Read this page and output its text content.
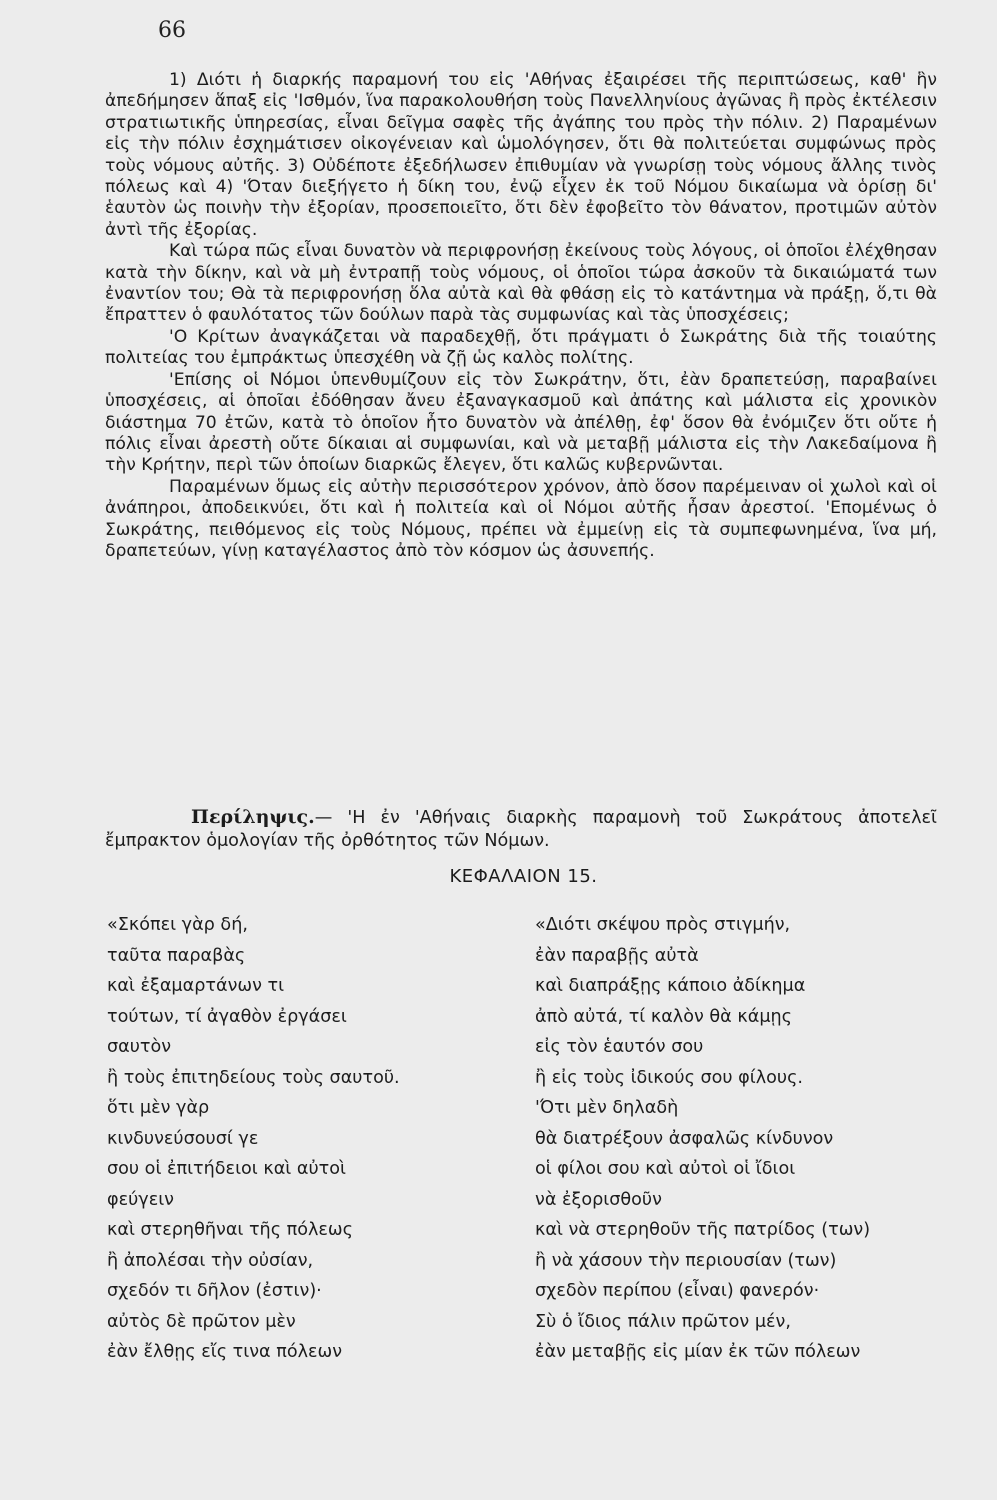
66

1) Διότι ἡ διαρκής παραμονή του εἰς 'Αθήνας ἐξαιρέσει τῆς περιπτώσεως, καθ' ἣν ἀπεδήμησεν ἅπαξ εἰς 'Ισθμόν, ἵνα παρακολουθήση τοὺς Πανελληνίους ἀγῶνας ἢ πρὸς ἐκτέλεσιν στρατιωτικῆς ὑπηρεσίας, εἶναι δεῖγμα σαφὲς τῆς ἀγάπης του πρὸς τὴν πόλιν. 2) Παραμένων εἰς τὴν πόλιν ἐσχημάτισεν οἰκογένειαν καὶ ὡμολόγησεν, ὅτι θὰ πολιτεύεται συμφώνως πρὸς τοὺς νόμους αὐτῆς. 3) Οὐδέποτε ἐξεδήλωσεν ἐπιθυμίαν νὰ γνωρίσῃ τοὺς νόμους ἄλλης τινὸς πόλεως καὶ 4) 'Όταν διεξήγετο ἡ δίκη του, ἐνῷ εἶχεν ἐκ τοῦ Νόμου δικαίωμα νὰ ὁρίσῃ δι' ἑαυτὸν ὡς ποινὴν τὴν ἐξορίαν, προσεποιεῖτο, ὅτι δὲν ἐφοβεῖτο τὸν θάνατον, προτιμῶν αὐτὸν ἀντὶ τῆς ἐξορίας.

Καὶ τώρα πῶς εἶναι δυνατὸν νὰ περιφρονήσῃ ἐκείνους τοὺς λόγους, οἱ ὁποῖοι ἐλέχθησαν κατὰ τὴν δίκην, καὶ νὰ μὴ ἐντραπῇ τοὺς νόμους, οἱ ὁποῖοι τώρα ἀσκοῦν τὰ δικαιώματά των ἐναντίον του; Θὰ τὰ περιφρονήσῃ ὅλα αὐτὰ καὶ θὰ φθάσῃ εἰς τὸ κατάντημα νὰ πράξῃ, ὅ,τι θὰ ἔπραττεν ὁ φαυλότατος τῶν δούλων παρὰ τὰς συμφωνίας καὶ τὰς ὑποσχέσεις;

'Ο Κρίτων ἀναγκάζεται νὰ παραδεχθῇ, ὅτι πράγματι ὁ Σωκράτης διὰ τῆς τοιαύτης πολιτείας του ἐμπράκτως ὑπεσχέθη νὰ ζῇ ὡς καλὸς πολίτης.

'Επίσης οἱ Νόμοι ὑπενθυμίζουν εἰς τὸν Σωκράτην, ὅτι, ἐὰν δραπετεύσῃ, παραβαίνει ὑποσχέσεις, αἱ ὁποῖαι ἐδόθησαν ἄνευ ἐξαναγκασμοῦ καὶ ἀπάτης καὶ μάλιστα εἰς χρονικὸν διάστημα 70 ἐτῶν, κατὰ τὸ ὁποῖον ἦτο δυνατὸν νὰ ἀπέλθῃ, ἐφ' ὅσον θὰ ἐνόμιζεν ὅτι οὔτε ἡ πόλις εἶναι ἀρεστὴ οὔτε δίκαιαι αἱ συμφωνίαι, καὶ νὰ μεταβῇ μάλιστα εἰς τὴν Λακεδαίμονα ἢ τὴν Κρήτην, περὶ τῶν ὁποίων διαρκῶς ἔλεγεν, ὅτι καλῶς κυβερνῶνται.

Παραμένων ὅμως εἰς αὐτὴν περισσότερον χρόνον, ἀπὸ ὅσον παρέμειναν οἱ χωλοὶ καὶ οἱ ἀνάπηροι, ἀποδεικνύει, ὅτι καὶ ἡ πολιτεία καὶ οἱ Νόμοι αὐτῆς ἦσαν ἀρεστοί. 'Επομένως ὁ Σωκράτης, πειθόμενος εἰς τοὺς Νόμους, πρέπει νὰ ἐμμείνῃ εἰς τὰ συμπεφωνημένα, ἵνα μή, δραπετεύων, γίνῃ καταγέλαστος ἀπὸ τὸν κόσμον ὡς ἀσυνεπής.

Περίληψις.— 'Η ἐν 'Αθήναις διαρκὴς παραμονὴ τοῦ Σωκράτους ἀποτελεῖ ἔμπρακτον ὁμολογίαν τῆς ὀρθότητος τῶν Νόμων.

ΚΕΦΑΛΑΙΟΝ 15.
«Σκόπει γὰρ δή,	«Διότι σκέψου πρὸς στιγμήν,
ταῦτα παραβὰς	ἐὰν παραβῇς αὐτὰ
καὶ ἐξαμαρτάνων τι	καὶ διαπράξῃς κάποιο ἀδίκημα
τούτων, τί ἀγαθὸν ἐργάσει	ἀπὸ αὐτά, τί καλὸν θὰ κάμῃς
σαυτὸν	εἰς τὸν ἑαυτόν σου
ἢ τοὺς ἐπιτηδείους τοὺς σαυτοῦ.	ἢ εἰς τοὺς ἰδικούς σου φίλους.
ὅτι μὲν γὰρ	'Ότι μὲν δηλαδὴ
κινδυνεύσουσί γε	θὰ διατρέξουν ἀσφαλῶς κίνδυνον
σου οἱ ἐπιτήδειοι καὶ αὐτοὶ	οἱ φίλοι σου καὶ αὐτοὶ οἱ ἴδιοι
φεύγειν	νὰ ἐξορισθοῦν
καὶ στερηθῆναι τῆς πόλεως	καὶ νὰ στερηθοῦν τῆς πατρίδος (των)
ἢ ἀπολέσαι τὴν οὐσίαν,	ἢ νὰ χάσουν τὴν περιουσίαν (των)
σχεδόν τι δῆλον (ἐστιν)·	σχεδὸν περίπου (εἶναι) φανερόν·
αὐτὸς δὲ πρῶτον μὲν	Σὺ ὁ ἴδιος πάλιν πρῶτον μέν,
ἐὰν ἔλθῃς εἴς τινα πόλεων	ἐὰν μεταβῇς εἰς μίαν ἐκ τῶν πόλεων
